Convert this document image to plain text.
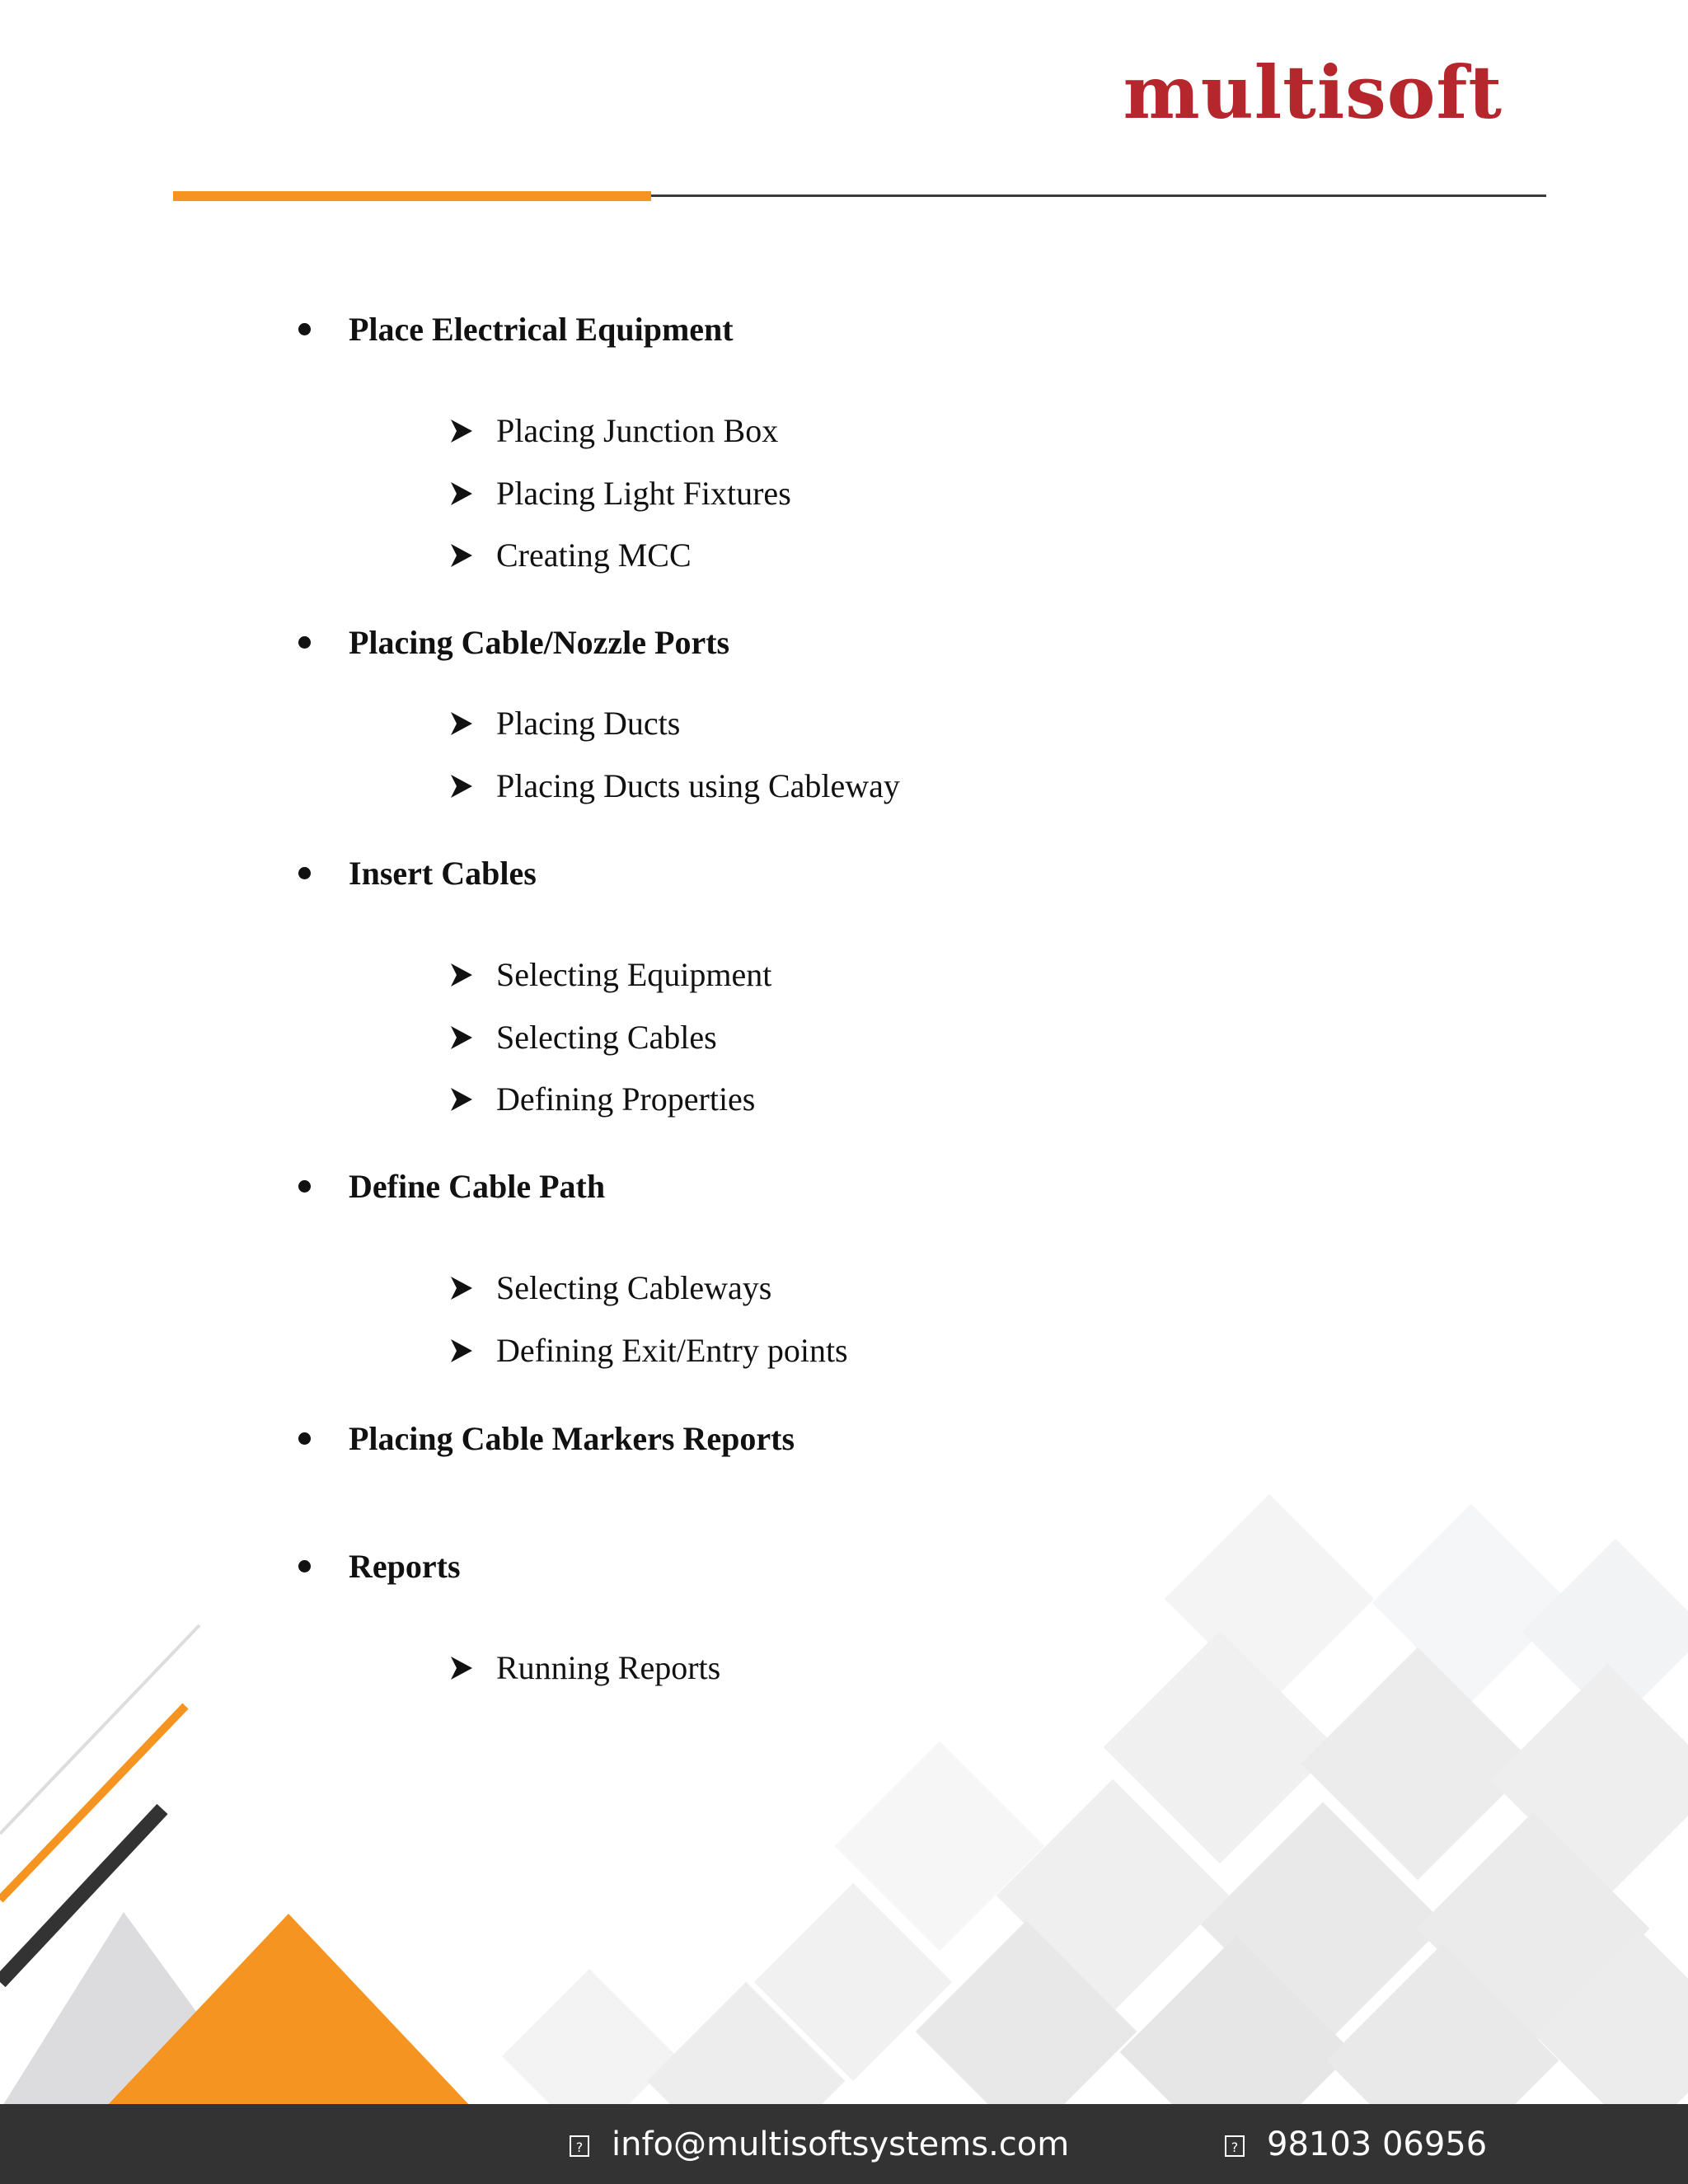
multisoft
Place Electrical Equipment
Placing Junction Box
Placing Light Fixtures
Creating MCC
Placing Cable/Nozzle Ports
Placing Ducts
Placing Ducts using Cableway
Insert Cables
Selecting Equipment
Selecting Cables
Defining Properties
Define Cable Path
Selecting Cableways
Defining Exit/Entry points
Placing Cable Markers Reports
Reports
Running Reports
? info@multisoftsystems.com	? 98103 06956
